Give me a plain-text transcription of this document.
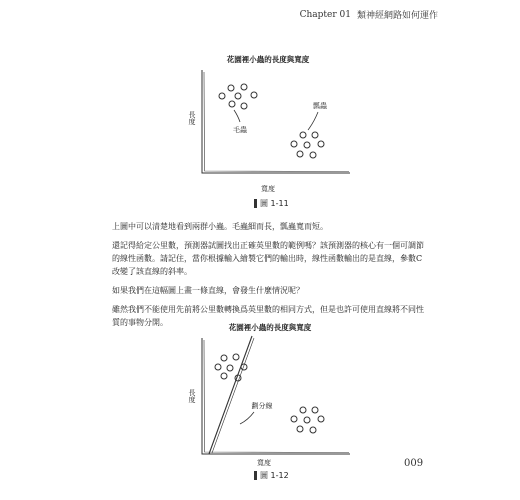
Chapter 01 類神經網路如何運作
花園裡小蟲的長度與寬度
長度
寬度
毛蟲
瓢蟲
圖 1-11

上圖中可以清楚地看到兩群小蟲。毛蟲細而長，瓢蟲寬而短。

還記得給定公里數，預測器試圖找出正確英里數的範例嗎？該預測器的核心有一個可調節的線性函數。請記住，當你根據輸入繪製它們的輸出時，線性函數輸出的是直線，參數C改變了該直線的斜率。

如果我們在這幅圖上畫一條直線，會發生什麼情況呢？

雖然我們不能使用先前將公里數轉換爲英里數的相同方式，但是也許可使用直線將不同性質的事物分開。

花園裡小蟲的長度與寬度
長度
寬度
劃分線
圖 1-12
009
